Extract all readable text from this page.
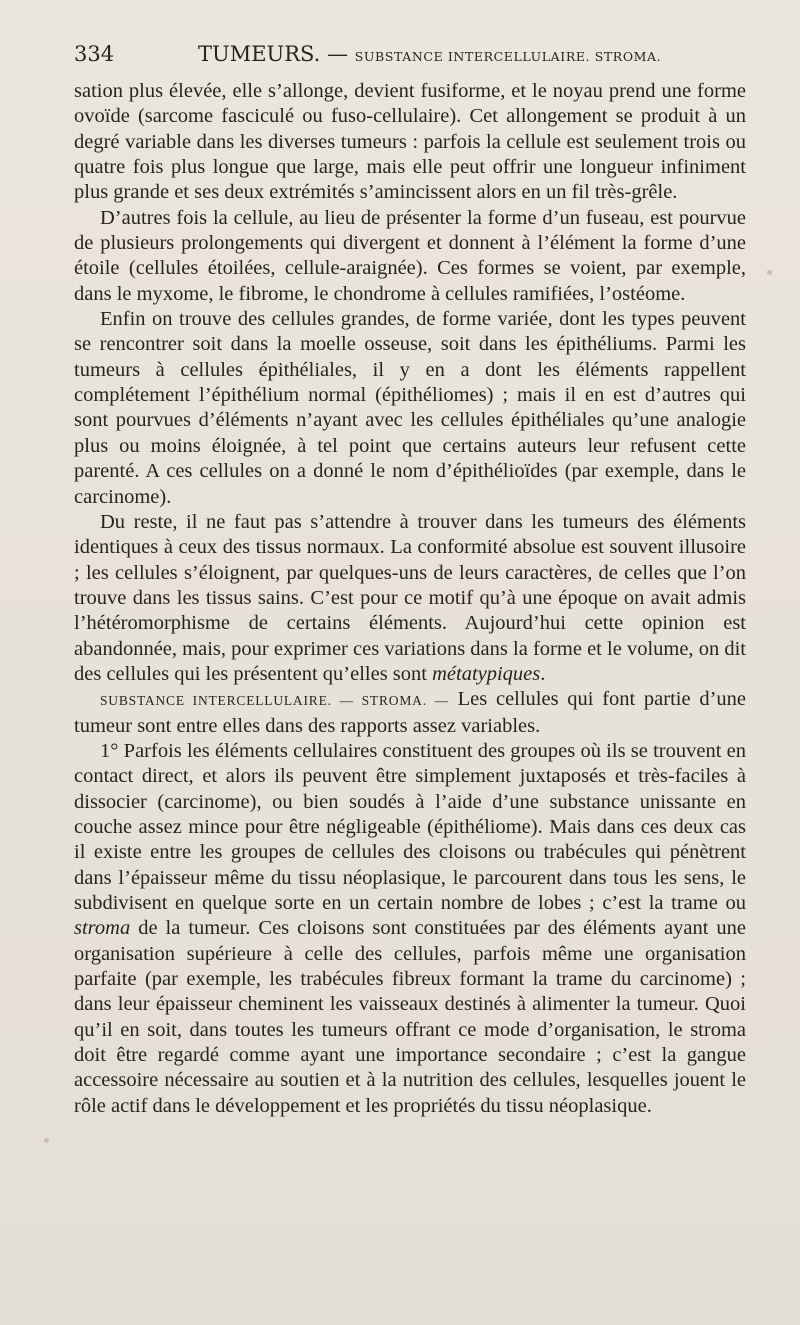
334	TUMEURS. — SUBSTANCE INTERCELLULAIRE. STROMA.

sation plus élevée, elle s’allonge, devient fusiforme, et le noyau prend une forme ovoïde (sarcome fasciculé ou fuso-cellulaire). Cet allongement se produit à un degré variable dans les diverses tumeurs : parfois la cellule est seulement trois ou quatre fois plus longue que large, mais elle peut offrir une longueur infiniment plus grande et ses deux extrémités s’amincissent alors en un fil très-grêle.

D’autres fois la cellule, au lieu de présenter la forme d’un fuseau, est pourvue de plusieurs prolongements qui divergent et donnent à l’élément la forme d’une étoile (cellules étoilées, cellule-araignée). Ces formes se voient, par exemple, dans le myxome, le fibrome, le chondrome à cellules ramifiées, l’ostéome.

Enfin on trouve des cellules grandes, de forme variée, dont les types peuvent se rencontrer soit dans la moelle osseuse, soit dans les épithéliums. Parmi les tumeurs à cellules épithéliales, il y en a dont les éléments rappellent complétement l’épithélium normal (épithéliomes) ; mais il en est d’autres qui sont pourvues d’éléments n’ayant avec les cellules épithéliales qu’une analogie plus ou moins éloignée, à tel point que certains auteurs leur refusent cette parenté. A ces cellules on a donné le nom d’épithélioïdes (par exemple, dans le carcinome).

Du reste, il ne faut pas s’attendre à trouver dans les tumeurs des éléments identiques à ceux des tissus normaux. La conformité absolue est souvent illusoire ; les cellules s’éloignent, par quelques-uns de leurs caractères, de celles que l’on trouve dans les tissus sains. C’est pour ce motif qu’à une époque on avait admis l’hétéromorphisme de certains éléments. Aujourd’hui cette opinion est abandonnée, mais, pour exprimer ces variations dans la forme et le volume, on dit des cellules qui les présentent qu’elles sont métatypiques.

SUBSTANCE INTERCELLULAIRE. — STROMA. — Les cellules qui font partie d’une tumeur sont entre elles dans des rapports assez variables.

1° Parfois les éléments cellulaires constituent des groupes où ils se trouvent en contact direct, et alors ils peuvent être simplement juxtaposés et très-faciles à dissocier (carcinome), ou bien soudés à l’aide d’une substance unissante en couche assez mince pour être négligeable (épithéliome). Mais dans ces deux cas il existe entre les groupes de cellules des cloisons ou trabécules qui pénètrent dans l’épaisseur même du tissu néoplasique, le parcourent dans tous les sens, le subdivisent en quelque sorte en un certain nombre de lobes ; c’est la trame ou stroma de la tumeur. Ces cloisons sont constituées par des éléments ayant une organisation supérieure à celle des cellules, parfois même une organisation parfaite (par exemple, les trabécules fibreux formant la trame du carcinome) ; dans leur épaisseur cheminent les vaisseaux destinés à alimenter la tumeur. Quoi qu’il en soit, dans toutes les tumeurs offrant ce mode d’organisation, le stroma doit être regardé comme ayant une importance secondaire ; c’est la gangue accessoire nécessaire au soutien et à la nutrition des cellules, lesquelles jouent le rôle actif dans le développement et les propriétés du tissu néoplasique.
